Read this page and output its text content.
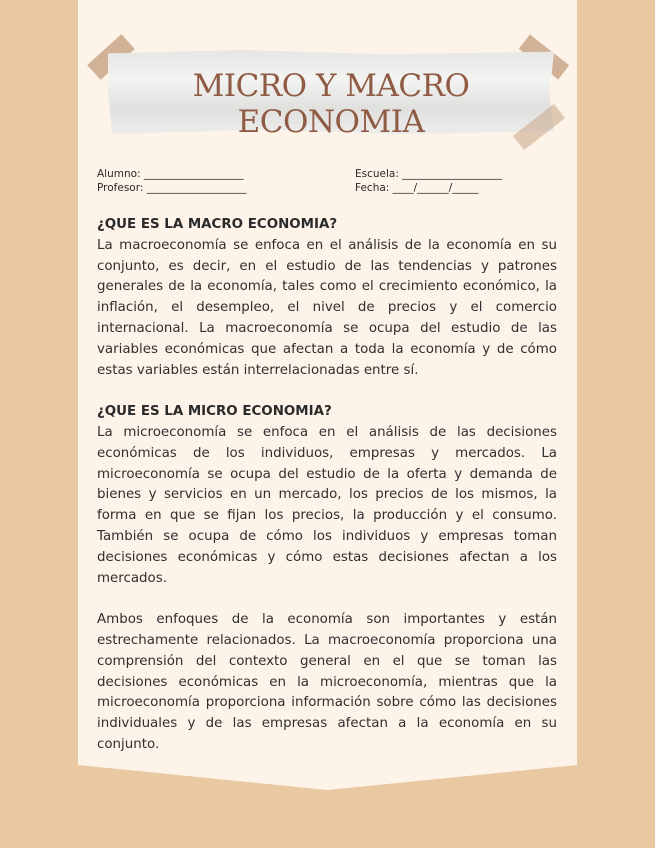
MICRO Y MACRO ECONOMIA
Alumno: ___________________	Escuela: ___________________
Profesor: ___________________	Fecha: ____/______/_____
¿QUE ES LA MACRO ECONOMIA?

La macroeconomía se enfoca en el análisis de la economía en su conjunto, es decir, en el estudio de las tendencias y patrones generales de la economía, tales como el crecimiento económico, la inflación, el desempleo, el nivel de precios y el comercio internacional. La macroeconomía se ocupa del estudio de las variables económicas que afectan a toda la economía y de cómo estas variables están interrelacionadas entre sí.

¿QUE ES LA MICRO ECONOMIA?

La microeconomía se enfoca en el análisis de las decisiones económicas de los individuos, empresas y mercados. La microeconomía se ocupa del estudio de la oferta y demanda de bienes y servicios en un mercado, los precios de los mismos, la forma en que se fijan los precios, la producción y el consumo. También se ocupa de cómo los individuos y empresas toman decisiones económicas y cómo estas decisiones afectan a los mercados.

Ambos enfoques de la economía son importantes y están estrechamente relacionados. La macroeconomía proporciona una comprensión del contexto general en el que se toman las decisiones económicas en la microeconomía, mientras que la microeconomía proporciona información sobre cómo las decisiones individuales y de las empresas afectan a la economía en su conjunto.
